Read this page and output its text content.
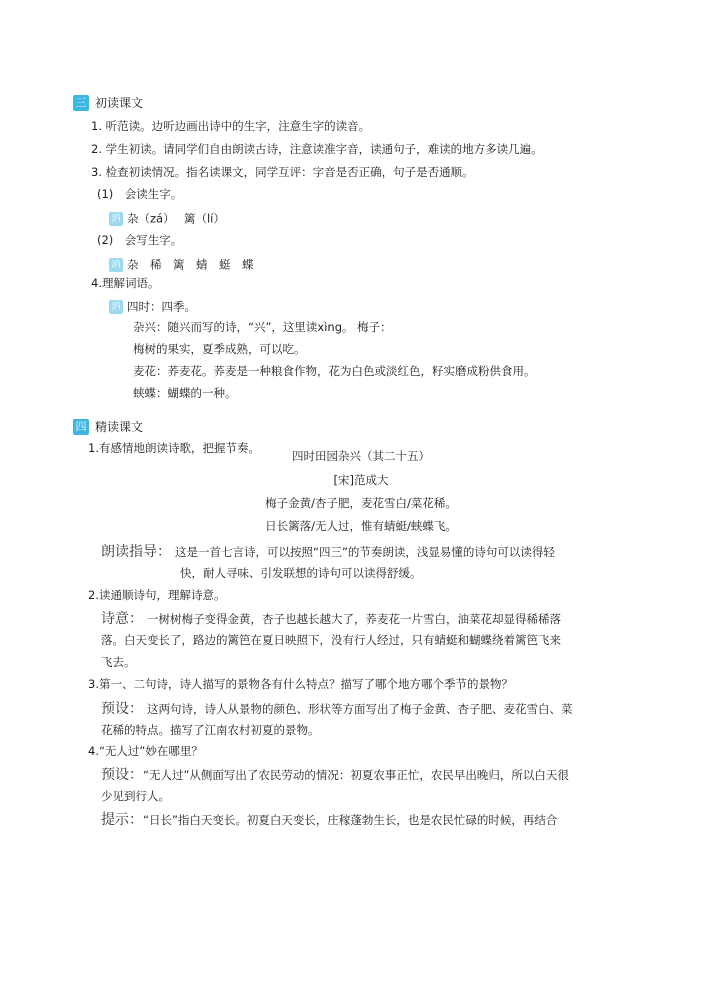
三 初读课文
1. 听范读。边听边画出诗中的生字，注意生字的读音。
2. 学生初读。请同学们自由朗读古诗，注意读准字音，读通句子，难读的地方多读几遍。
3. 检查初读情况。指名读课文，同学互评：字音是否正确，句子是否通顺。
(1)　会读生字。
汭 杂（zá）　 篱（lí）
(2)　会写生字。
汭 杂　稀　篱　蜻　蜓　蝶
4.理解词语。
汭 四时：四季。
杂兴：随兴而写的诗，“兴”，这里读xìng。 梅子：
梅树的果实，夏季成熟，可以吃。
麦花：荞麦花。荞麦是一种粮食作物，花为白色或淡红色，籽实磨成粉供食用。
蛱蝶：蝴蝶的一种。
四 精读课文
1.有感情地朗读诗歌，把握节奏。
四时田园杂兴（其二十五）
[宋]范成大
梅子金黄/杏子肥，麦花雪白/菜花稀。
日长篱落/无人过，惟有蜻蜓/蛱蝶飞。
朗读指导： 这是一首七言诗，可以按照“四三”的节奏朗读，浅显易懂的诗句可以读得轻
快，耐人寻味、引发联想的诗句可以读得舒缓。
2.读通顺诗句，理解诗意。
诗意： 一树树梅子变得金黄，杏子也越长越大了，荞麦花一片雪白，油菜花却显得稀稀落
落。白天变长了，路边的篱笆在夏日映照下，没有行人经过，只有蜻蜓和蝴蝶绕着篱笆飞来
飞去。
3.第一、二句诗，诗人描写的景物各有什么特点？描写了哪个地方哪个季节的景物？
预设： 这两句诗，诗人从景物的颜色、形状等方面写出了梅子金黄、杏子肥、麦花雪白、菜
花稀的特点。描写了江南农村初夏的景物。
4.“无人过”妙在哪里？
预设：“无人过”从侧面写出了农民劳动的情况：初夏农事正忙，农民早出晚归，所以白天很
少见到行人。
提示：“日长”指白天变长。初夏白天变长，庄稼蓬勃生长，也是农民忙碌的时候，再结合
